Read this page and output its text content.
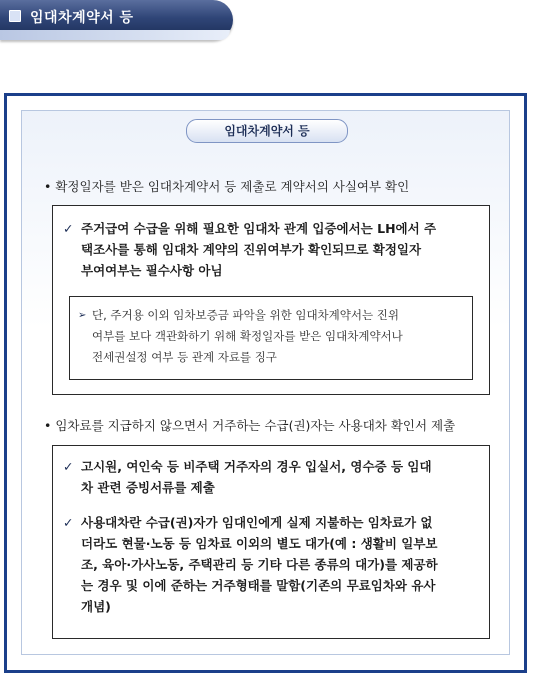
임대차계약서 등
임대차계약서 등
• 확정일자를 받은 임대차계약서 등 제출로 계약서의 사실여부 확인
✓ 주거급여 수급을 위해 필요한 임대차 관계 입증에서는 LH에서 주
택조사를 통해 임대차 계약의 진위여부가 확인되므로 확정일자
부여여부는 필수사항 아님
➢ 단, 주거용 이외 임차보증금 파악을 위한 임대차계약서는 진위
여부를 보다 객관화하기 위해 확정일자를 받은 임대차계약서나
전세권설정 여부 등 관계 자료를 징구
• 임차료를 지급하지 않으면서 거주하는 수급(권)자는 사용대차 확인서 제출
✓ 고시원, 여인숙 등 비주택 거주자의 경우 입실서, 영수증 등 임대
차 관련 증빙서류를 제출
✓ 사용대차란 수급(권)자가 임대인에게 실제 지불하는 임차료가 없
더라도 현물·노동 등 임차료 이외의 별도 대가(예 : 생활비 일부보
조, 육아·가사노동, 주택관리 등 기타 다른 종류의 대가)를 제공하
는 경우 및 이에 준하는 거주형태를 말함(기존의 무료임차와 유사
개념)
